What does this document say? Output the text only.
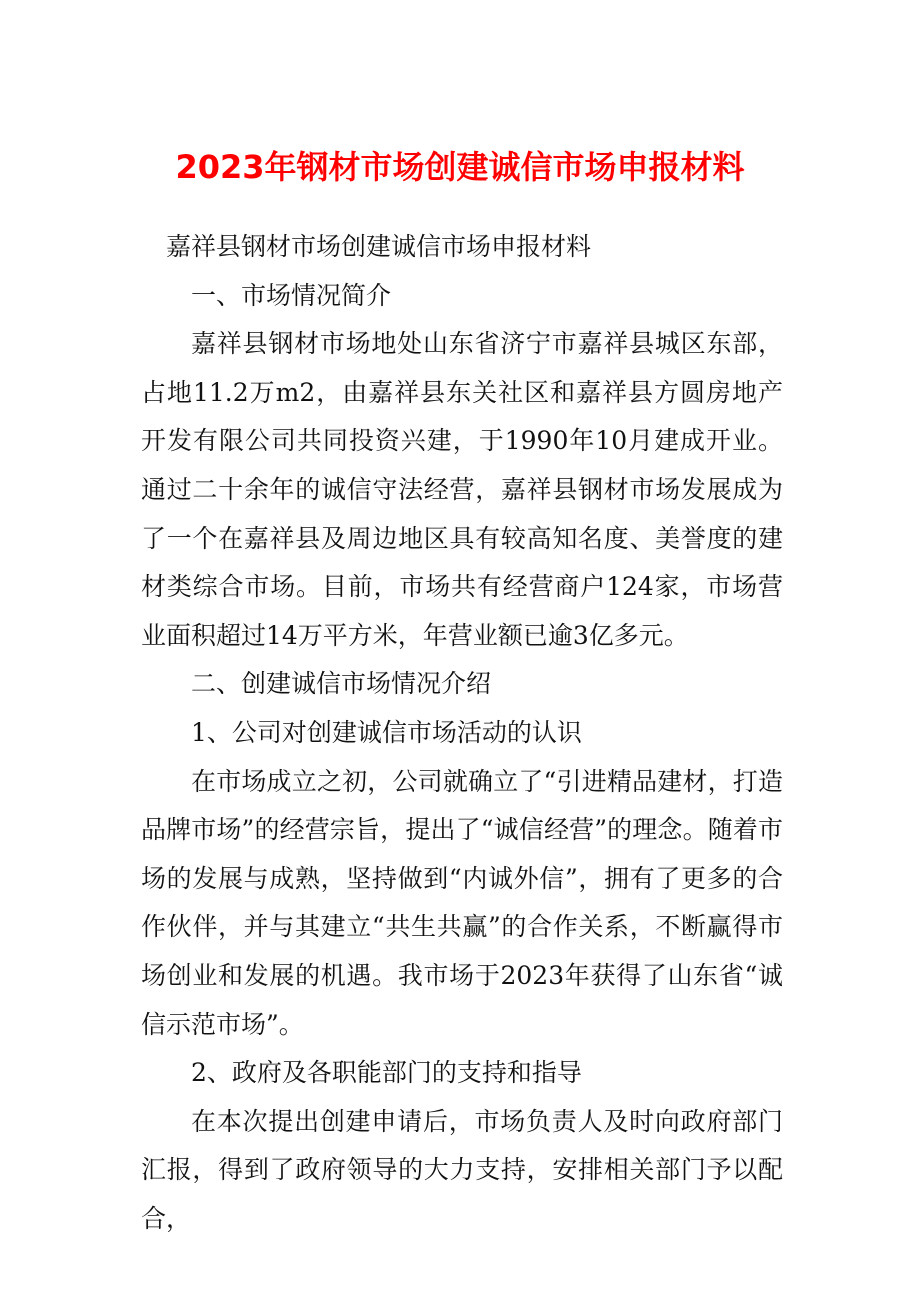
2023年钢材市场创建诚信市场申报材料

嘉祥县钢材市场创建诚信市场申报材料

一、市场情况简介

嘉祥县钢材市场地处山东省济宁市嘉祥县城区东部，占地11.2万m2，由嘉祥县东关社区和嘉祥县方圆房地产开发有限公司共同投资兴建，于1990年10月建成开业。通过二十余年的诚信守法经营，嘉祥县钢材市场发展成为了一个在嘉祥县及周边地区具有较高知名度、美誉度的建材类综合市场。目前，市场共有经营商户124家，市场营业面积超过14万平方米，年营业额已逾3亿多元。

二、创建诚信市场情况介绍

1、公司对创建诚信市场活动的认识

在市场成立之初，公司就确立了“引进精品建材，打造品牌市场”的经营宗旨，提出了“诚信经营”的理念。随着市场的发展与成熟，坚持做到“内诚外信”，拥有了更多的合作伙伴，并与其建立“共生共赢”的合作关系，不断赢得市场创业和发展的机遇。我市场于2023年获得了山东省“诚信示范市场”。

2、政府及各职能部门的支持和指导

在本次提出创建申请后，市场负责人及时向政府部门汇报，得到了政府领导的大力支持，安排相关部门予以配合，
